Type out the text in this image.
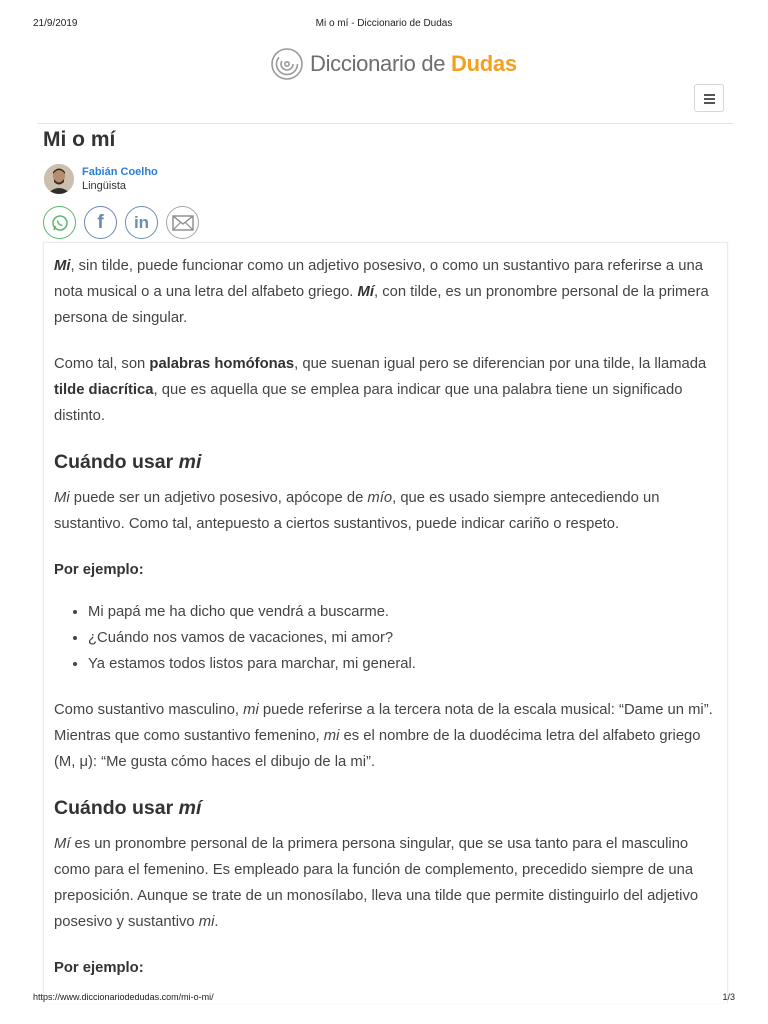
21/9/2019	Mi o mí - Diccionario de Dudas
Diccionario de Dudas
Mi o mí
Fabián Coelho
Lingüista
f in

Mi, sin tilde, puede funcionar como un adjetivo posesivo, o como un sustantivo para referirse a una nota musical o a una letra del alfabeto griego. Mí, con tilde, es un pronombre personal de la primera persona de singular.

Como tal, son palabras homófonas, que suenan igual pero se diferencian por una tilde, la llamada tilde diacrítica, que es aquella que se emplea para indicar que una palabra tiene un significado distinto.

Cuándo usar mi

Mi puede ser un adjetivo posesivo, apócope de mío, que es usado siempre antecediendo un sustantivo. Como tal, antepuesto a ciertos sustantivos, puede indicar cariño o respeto.

Por ejemplo:

• Mi papá me ha dicho que vendrá a buscarme.
• ¿Cuándo nos vamos de vacaciones, mi amor?
• Ya estamos todos listos para marchar, mi general.

Como sustantivo masculino, mi puede referirse a la tercera nota de la escala musical: “Dame un mi”. Mientras que como sustantivo femenino, mi es el nombre de la duodécima letra del alfabeto griego (Μ, μ): “Me gusta cómo haces el dibujo de la mi”.

Cuándo usar mí

Mí es un pronombre personal de la primera persona singular, que se usa tanto para el masculino como para el femenino. Es empleado para la función de complemento, precedido siempre de una preposición. Aunque se trate de un monosílabo, lleva una tilde que permite distinguirlo del adjetivo posesivo y sustantivo mi.

Por ejemplo:

https://www.diccionariodedudas.com/mi-o-mi/	1/3
